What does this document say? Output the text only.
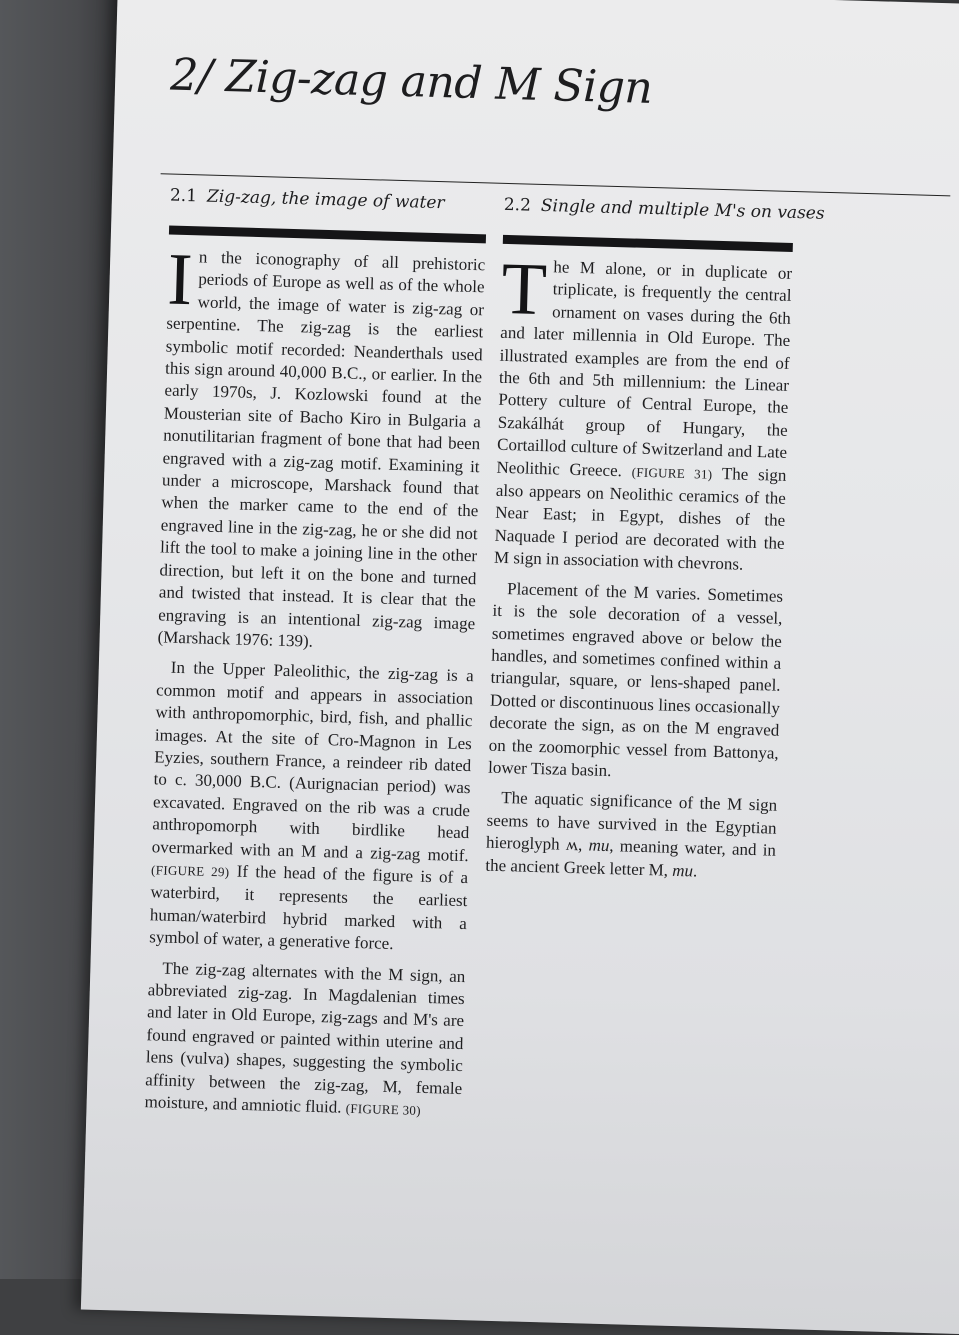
2/ Zig-zag and M Sign
2.1 Zig-zag, the image of water	2.2 Single and multiple M's on vases

In the iconography of all prehistoric periods of Europe as well as of the whole world, the image of water is zig-zag or serpentine. The zig-zag is the earliest symbolic motif recorded: Neanderthals used this sign around 40,000 B.C., or earlier. In the early 1970s, J. Kozlowski found at the Mousterian site of Bacho Kiro in Bulgaria a nonutilitarian fragment of bone that had been engraved with a zig-zag motif. Examining it under a microscope, Marshack found that when the marker came to the end of the engraved line in the zig-zag, he or she did not lift the tool to make a joining line in the other direction, but left it on the bone and turned and twisted that instead. It is clear that the engraving is an intentional zig-zag image (Marshack 1976: 139).

In the Upper Paleolithic, the zig-zag is a common motif and appears in association with anthropomorphic, bird, fish, and phallic images. At the site of Cro-Magnon in Les Eyzies, southern France, a reindeer rib dated to c. 30,000 B.C. (Aurignacian period) was excavated. Engraved on the rib was a crude anthropomorph with birdlike head overmarked with an M and a zig-zag motif. (FIGURE 29) If the head of the figure is of a waterbird, it represents the earliest human/waterbird hybrid marked with a symbol of water, a generative force.

The zig-zag alternates with the M sign, an abbreviated zig-zag. In Magdalenian times and later in Old Europe, zig-zags and M's are found engraved or painted within uterine and lens (vulva) shapes, suggesting the symbolic affinity between the zig-zag, M, female moisture, and amniotic fluid. (FIGURE 30)

The M alone, or in duplicate or triplicate, is frequently the central ornament on vases during the 6th and later millennia in Old Europe. The illustrated examples are from the end of the 6th and 5th millennium: the Linear Pottery culture of Central Europe, the Szakálhát group of Hungary, the Cortaillod culture of Switzerland and Late Neolithic Greece. (FIGURE 31) The sign also appears on Neolithic ceramics of the Near East; in Egypt, dishes of the Naquade I period are decorated with the M sign in association with chevrons.

Placement of the M varies. Sometimes it is the sole decoration of a vessel, sometimes engraved above or below the handles, and sometimes confined within a triangular, square, or lens-shaped panel. Dotted or discontinuous lines occasionally decorate the sign, as on the M engraved on the zoomorphic vessel from Battonya, lower Tisza basin.

The aquatic significance of the M sign seems to have survived in the Egyptian hieroglyph ʍ, mu, meaning water, and in the ancient Greek letter M, mu.
